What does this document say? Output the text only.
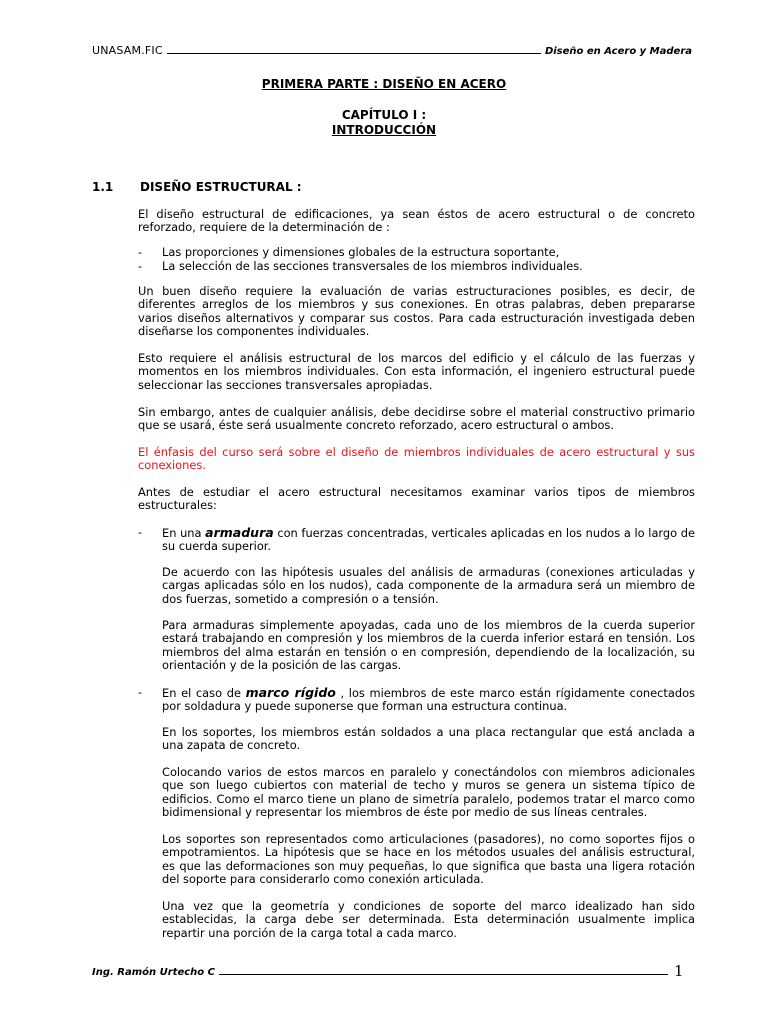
UNASAM.FIC	Diseño en Acero y Madera
PRIMERA PARTE : DISEÑO EN ACERO
CAPÍTULO I :
INTRODUCCIÓN
1.1 DISEÑO ESTRUCTURAL :

El diseño estructural de edificaciones, ya sean éstos de acero estructural o de concreto reforzado, requiere de la determinación de :

- Las proporciones y dimensiones globales de la estructura soportante,
- La selección de las secciones transversales de los miembros individuales.

Un buen diseño requiere la evaluación de varias estructuraciones posibles, es decir, de diferentes arreglos de los miembros y sus conexiones. En otras palabras, deben prepararse varios diseños alternativos y comparar sus costos. Para cada estructuración investigada deben diseñarse los componentes individuales.

Esto requiere el análisis estructural de los marcos del edificio y el cálculo de las fuerzas y momentos en los miembros individuales. Con esta información, el ingeniero estructural puede seleccionar las secciones transversales apropiadas.

Sin embargo, antes de cualquier análisis, debe decidirse sobre el material constructivo primario que se usará, éste será usualmente concreto reforzado, acero estructural o ambos.

El énfasis del curso será sobre el diseño de miembros individuales de acero estructural y sus conexiones.

Antes de estudiar el acero estructural necesitamos examinar varios tipos de miembros estructurales:

- En una armadura con fuerzas concentradas, verticales aplicadas en los nudos a lo largo de su cuerda superior.

De acuerdo con las hipótesis usuales del análisis de armaduras (conexiones articuladas y cargas aplicadas sólo en los nudos), cada componente de la armadura será un miembro de dos fuerzas, sometido a compresión o a tensión.

Para armaduras simplemente apoyadas, cada uno de los miembros de la cuerda superior estará trabajando en compresión y los miembros de la cuerda inferior estará en tensión. Los miembros del alma estarán en tensión o en compresión, dependiendo de la localización, su orientación y de la posición de las cargas.

- En el caso de marco rígido , los miembros de este marco están rígidamente conectados por soldadura y puede suponerse que forman una estructura continua.

En los soportes, los miembros están soldados a una placa rectangular que está anclada a una zapata de concreto.

Colocando varios de estos marcos en paralelo y conectándolos con miembros adicionales que son luego cubiertos con material de techo y muros se genera un sistema típico de edificios. Como el marco tiene un plano de simetría paralelo, podemos tratar el marco como bidimensional y representar los miembros de éste por medio de sus líneas centrales.

Los soportes son representados como articulaciones (pasadores), no como soportes fijos o empotramientos. La hipótesis que se hace en los métodos usuales del análisis estructural, es que las deformaciones son muy pequeñas, lo que significa que basta una ligera rotación del soporte para considerarlo como conexión articulada.

Una vez que la geometría y condiciones de soporte del marco idealizado han sido establecidas, la carga debe ser determinada. Esta determinación usualmente implica repartir una porción de la carga total a cada marco.

Ing. Ramón Urtecho C	1
